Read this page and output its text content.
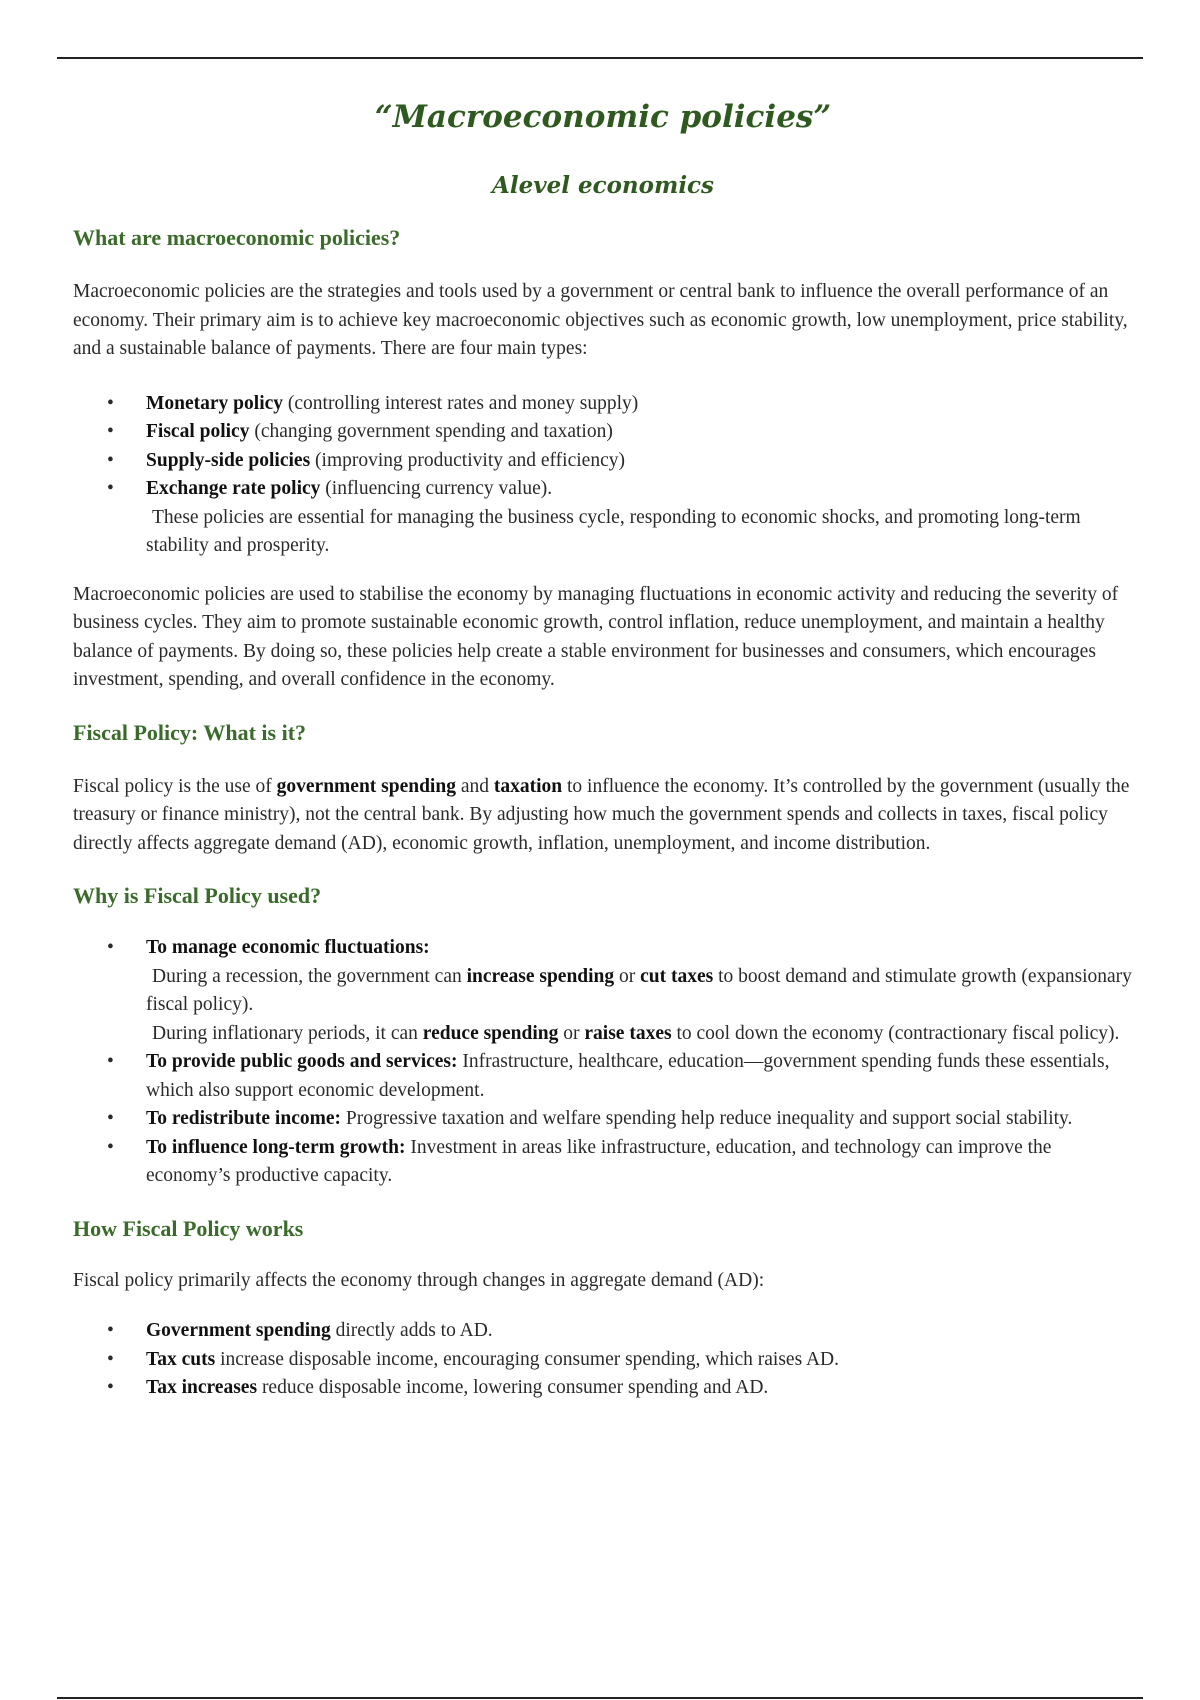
“Macroeconomic policies”
Alevel economics
What are macroeconomic policies?

Macroeconomic policies are the strategies and tools used by a government or central bank to influence the overall performance of an economy. Their primary aim is to achieve key macroeconomic objectives such as economic growth, low unemployment, price stability, and a sustainable balance of payments. There are four main types:

• Monetary policy (controlling interest rates and money supply)
• Fiscal policy (changing government spending and taxation)
• Supply-side policies (improving productivity and efficiency)
• Exchange rate policy (influencing currency value).
These policies are essential for managing the business cycle, responding to economic shocks, and promoting long-term stability and prosperity.

Macroeconomic policies are used to stabilise the economy by managing fluctuations in economic activity and reducing the severity of business cycles. They aim to promote sustainable economic growth, control inflation, reduce unemployment, and maintain a healthy balance of payments. By doing so, these policies help create a stable environment for businesses and consumers, which encourages investment, spending, and overall confidence in the economy.

Fiscal Policy: What is it?

Fiscal policy is the use of government spending and taxation to influence the economy. It’s controlled by the government (usually the treasury or finance ministry), not the central bank. By adjusting how much the government spends and collects in taxes, fiscal policy directly affects aggregate demand (AD), economic growth, inflation, unemployment, and income distribution.

Why is Fiscal Policy used?
• To manage economic fluctuations:
During a recession, the government can increase spending or cut taxes to boost demand and stimulate growth (expansionary fiscal policy).
During inflationary periods, it can reduce spending or raise taxes to cool down the economy (contractionary fiscal policy).
• To provide public goods and services: Infrastructure, healthcare, education—government spending funds these essentials, which also support economic development.
• To redistribute income: Progressive taxation and welfare spending help reduce inequality and support social stability.
• To influence long-term growth: Investment in areas like infrastructure, education, and technology can improve the economy’s productive capacity.
How Fiscal Policy works

Fiscal policy primarily affects the economy through changes in aggregate demand (AD):

• Government spending directly adds to AD.
• Tax cuts increase disposable income, encouraging consumer spending, which raises AD.
• Tax increases reduce disposable income, lowering consumer spending and AD.
